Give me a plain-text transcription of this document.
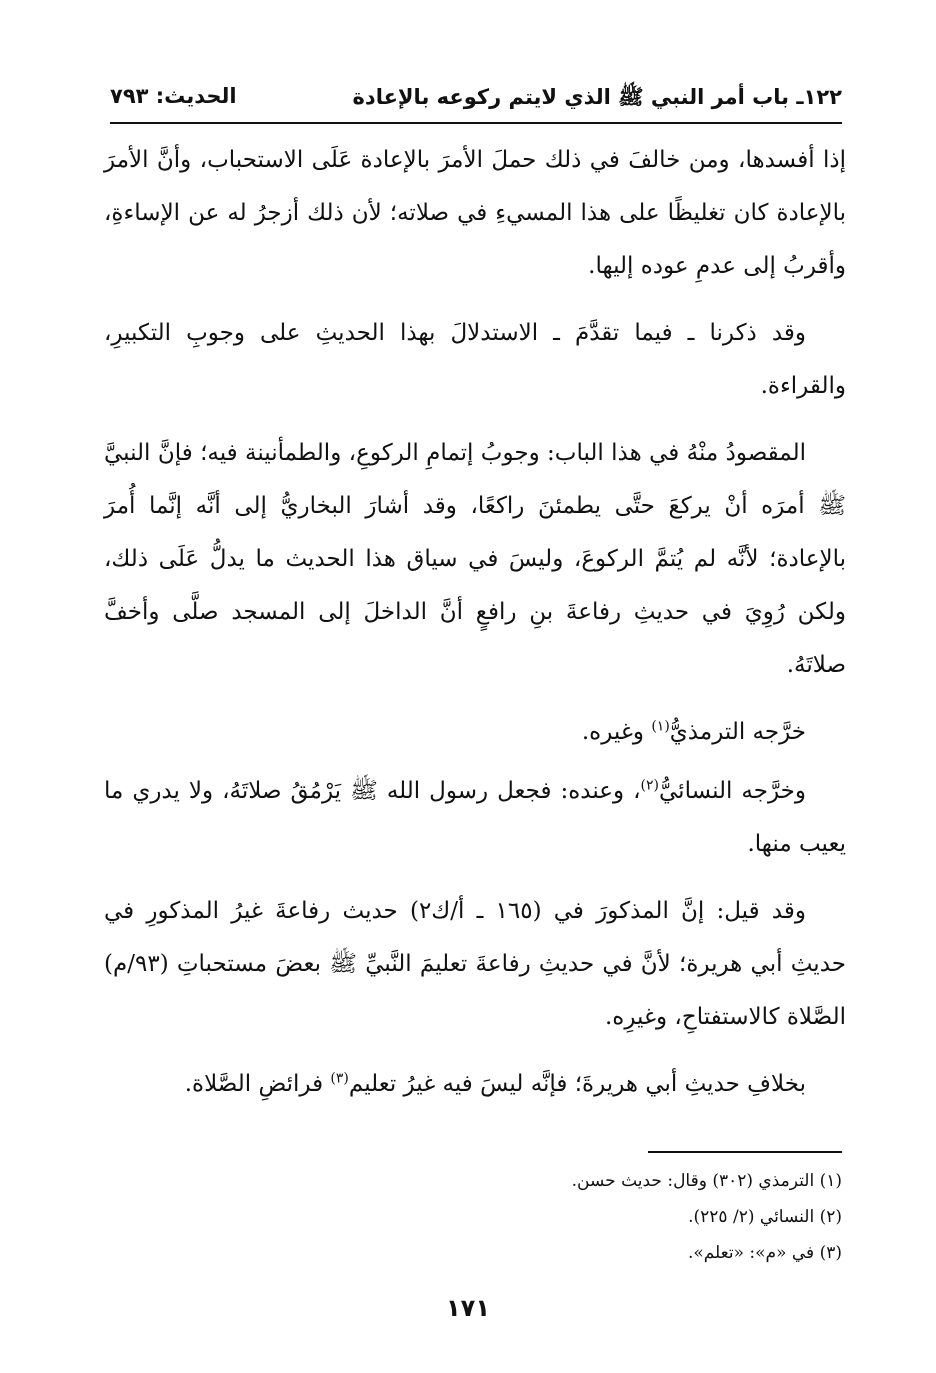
١٢٢ـ باب أمر النبي ﷺ الذي لايتم ركوعه بالإعادة
الحديث: ٧٩٣

إذا أفسدها، ومن خالفَ في ذلك حملَ الأمرَ بالإعادة عَلَى الاستحباب، وأنَّ الأمرَ بالإعادة كان تغليظًا على هذا المسيءِ في صلاته؛ لأن ذلك أزجرُ له عن الإساءةِ، وأقربُ إلى عدمِ عوده إليها.

وقد ذكرنا ـ فيما تقدَّمَ ـ الاستدلالَ بهذا الحديثِ على وجوبِ التكبيرِ، والقراءة.

المقصودُ منْهُ في هذا الباب: وجوبُ إتمامِ الركوعِ، والطمأنينة فيه؛ فإنَّ النبيَّ ﷺ أمرَه أنْ يركعَ حتَّى يطمئنَ راكعًا، وقد أشارَ البخاريُّ إلى أنَّه إنَّما أُمرَ بالإعادة؛ لأنَّه لم يُتمَّ الركوعَ، وليسَ في سياق هذا الحديث ما يدلُّ عَلَى ذلك، ولكن رُوِيَ في حديثِ رفاعةَ بنِ رافعٍ أنَّ الداخلَ إلى المسجد صلَّى وأخفَّ صلاتَهُ.

خرَّجه الترمذيُّ$^{(١)}$ وغيره.

وخرَّجه النسائيُّ$^{(٢)}$، وعنده: فجعل رسول الله ﷺ يَرْمُقُ صلاتَهُ، ولا يدري ما يعيب منها.

وقد قيل: إنَّ المذكورَ في (١٦٥ ـ أ/ك٢) حديث رفاعةَ غيرُ المذكورِ في حديثِ أبي هريرة؛ لأنَّ في حديثِ رفاعةَ تعليمَ النَّبيِّ ﷺ بعضَ مستحباتِ (٩٣/م) الصَّلاة كالاستفتاحِ، وغيرِه.

بخلافِ حديثِ أبي هريرةَ؛ فإنَّه ليسَ فيه غيرُ تعليم$^{(٣)}$ فرائضِ الصَّلاة.

(١) الترمذي (٣٠٢) وقال: حديث حسن.

(٢) النسائي (٢/ ٢٢٥).

(٣) في «م»: «تعلم».

١٧١
